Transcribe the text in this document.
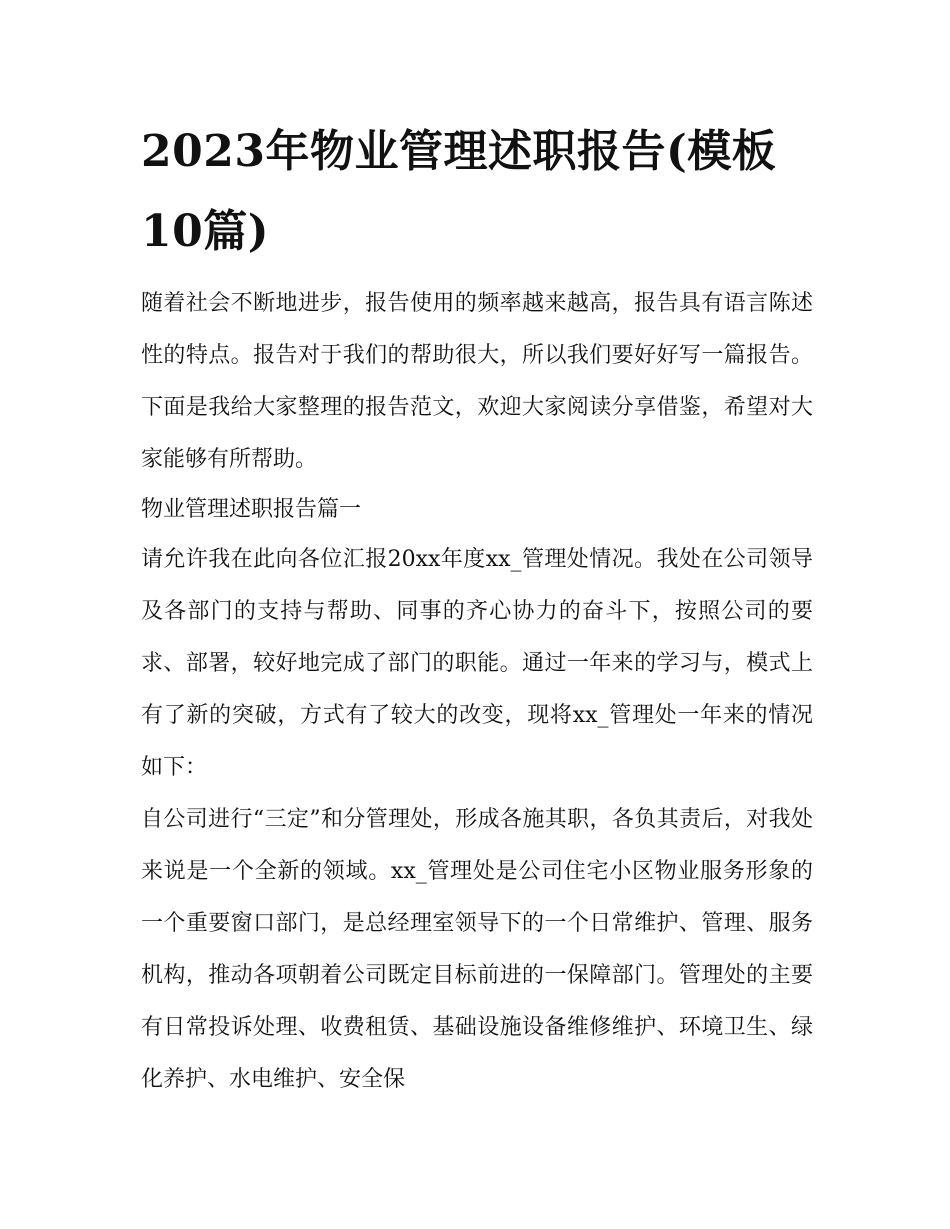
2023年物业管理述职报告(模板10篇)

随着社会不断地进步，报告使用的频率越来越高，报告具有语言陈述性的特点。报告对于我们的帮助很大，所以我们要好好写一篇报告。下面是我给大家整理的报告范文，欢迎大家阅读分享借鉴，希望对大家能够有所帮助。

物业管理述职报告篇一

请允许我在此向各位汇报20xx年度xx_管理处情况。我处在公司领导及各部门的支持与帮助、同事的齐心协力的奋斗下，按照公司的要求、部署，较好地完成了部门的职能。通过一年来的学习与，模式上有了新的突破，方式有了较大的改变，现将xx_管理处一年来的情况如下：

自公司进行“三定”和分管理处，形成各施其职，各负其责后，对我处来说是一个全新的领域。xx_管理处是公司住宅小区物业服务形象的一个重要窗口部门，是总经理室领导下的一个日常维护、管理、服务机构，推动各项朝着公司既定目标前进的一保障部门。管理处的主要有日常投诉处理、收费租赁、基础设施设备维修维护、环境卫生、绿化养护、水电维护、安全保
